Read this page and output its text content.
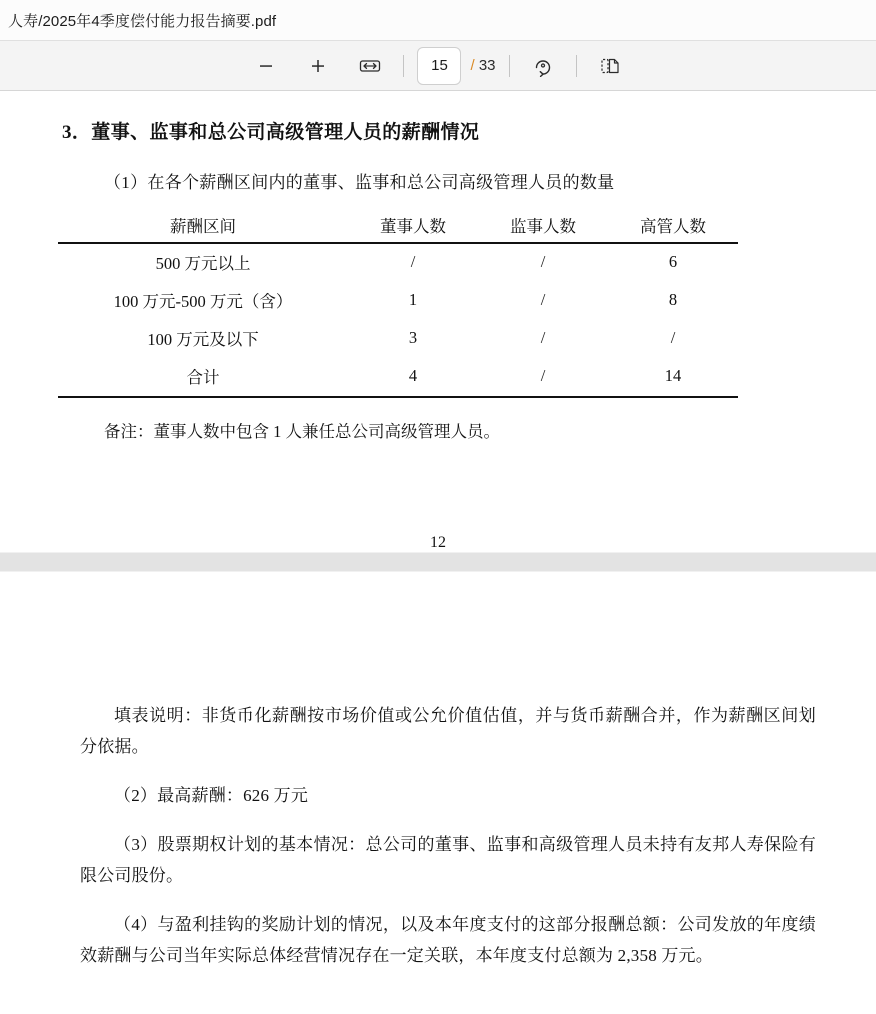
人寿/2025年4季度偿付能力报告摘要.pdf
15
/ 33
3．董事、监事和总公司高级管理人员的薪酬情况
（1）在各个薪酬区间内的董事、监事和总公司高级管理人员的数量
薪酬区间	董事人数	监事人数	高管人数
500 万元以上	/	/	6
100 万元-500 万元（含）	1	/	8
100 万元及以下	3	/	/
合计	4	/	14
备注：董事人数中包含 1 人兼任总公司高级管理人员。
12

填表说明：非货币化薪酬按市场价值或公允价值估值，并与货币薪酬合并，作为薪酬区间划分依据。

（2）最高薪酬：626 万元

（3）股票期权计划的基本情况：总公司的董事、监事和高级管理人员未持有友邦人寿保险有限公司股份。

（4）与盈利挂钩的奖励计划的情况，以及本年度支付的这部分报酬总额：公司发放的年度绩效薪酬与公司当年实际总体经营情况存在一定关联，本年度支付总额为 2,358 万元。
